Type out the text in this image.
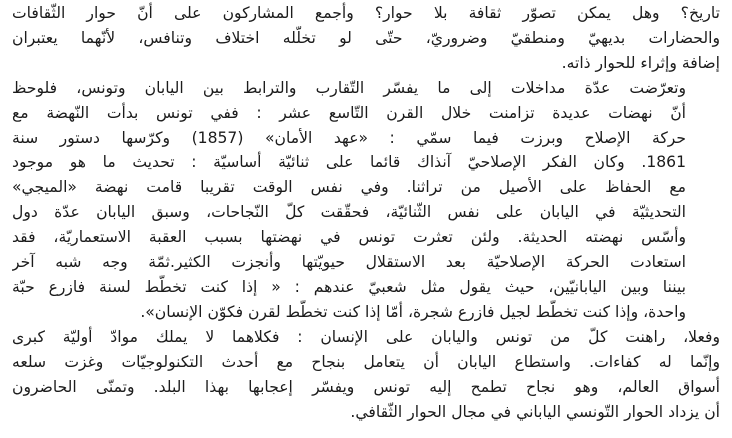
تاريخ؟ وهل يمكن تصوّر ثقافة بلا حوار؟ وأجمع المشاركون على أنّ حوار الثّقافات
والحضارات بديهيّ ومنطقيّ وضروريّ، حتّى لو تخلّله اختلاف وتنافس، لأنّهما يعتبران
إضافة وإثراء للحوار ذاته.

وتعرّضت عدّة مداخلات إلى ما يفسّر التّقارب والترابط بين اليابان وتونس، فلوحظ
أنّ نهضات عديدة تزامنت خلال القرن التّاسع عشر : ففي تونس بدأت النّهضة مع
حركة الإصلاح وبرزت فيما سمّي : «عهد الأمان» (1857) وكرّسها دستور سنة
1861. وكان الفكر الإصلاحيّ آنذاك قائما على ثنائيّة أساسيّة : تحديث ما هو موجود
مع الحفاظ على الأصيل من تراثنا. وفي نفس الوقت تقريبا قامت نهضة «الميجي»
التحديثيّة في اليابان على نفس الثّنائيّة، فحقّقت كلّ النّجاحات، وسبق اليابان عدّة دول
وأسّس نهضته الحديثة. ولئن تعثرت تونس في نهضتها بسبب العقبة الاستعماريّة، فقد
استعادت الحركة الإصلاحيّة بعد الاستقلال حيويّتها وأنجزت الكثير.ثمّة وجه شبه آخر
بيننا وبين اليابانيّين، حيث يقول مثل شعبيّ عندهم : « إذا كنت تخطّط لسنة فازرع حبّة
واحدة، وإذا كنت تخطّط لجيل فازرع شجرة، أمّا إذا كنت تخطّط لقرن فكوّن الإنسان».

وفعلا، راهنت كلّ من تونس واليابان على الإنسان : فكلاهما لا يملك موادّ أوليّة كبرى
وإنّما له كفاءات. واستطاع اليابان أن يتعامل بنجاح مع أحدث التكنولوجيّات وغزت سلعه
أسواق العالم، وهو نجاح تطمح إليه تونس ويفسّر إعجابها بهذا البلد. وتمنّى الحاضرون
أن يزداد الحوار التّونسي الياباني في مجال الحوار الثّقافي.
